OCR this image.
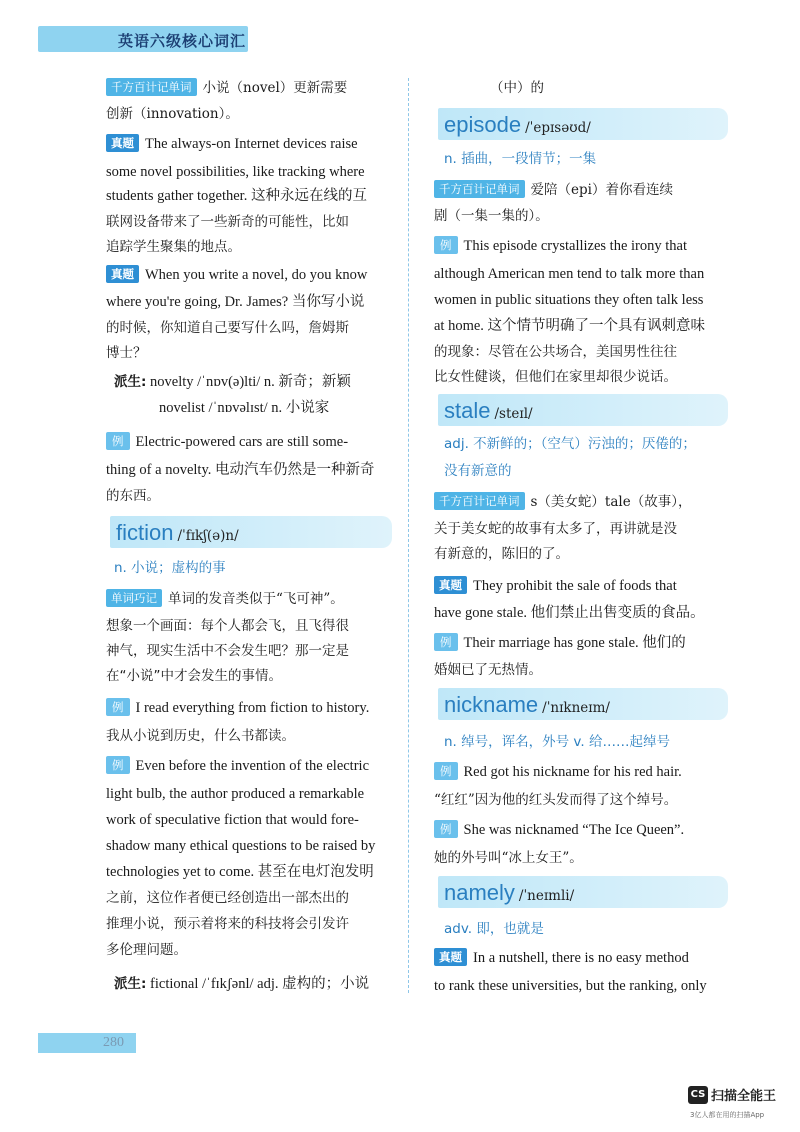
英语六级核心词汇
千方百计记单词 小说（novel）更新需要
创新（innovation）。
真题 The always-on Internet devices raise
some novel possibilities, like tracking where
students gather together. 这种永远在线的互
联网设备带来了一些新奇的可能性，比如
追踪学生聚集的地点。
真题 When you write a novel, do you know
where you're going, Dr. James? 当你写小说
的时候，你知道自己要写什么吗，詹姆斯
博士？
派生: novelty /ˈnɒv(ə)lti/ n. 新奇；新颖
novelist /ˈnɒvəlɪst/ n. 小说家
例 Electric-powered cars are still some-
thing of a novelty. 电动汽车仍然是一种新奇
的东西。
fiction /ˈfɪkʃ(ə)n/
n. 小说；虚构的事
单词巧记 单词的发音类似于“飞可神”。
想象一个画面：每个人都会飞，且飞得很
神气，现实生活中不会发生吧？那一定是
在“小说”中才会发生的事情。
例 I read everything from fiction to history.
我从小说到历史，什么书都读。
例 Even before the invention of the electric
light bulb, the author produced a remarkable
work of speculative fiction that would fore-
shadow many ethical questions to be raised by
technologies yet to come. 甚至在电灯泡发明
之前，这位作者便已经创造出一部杰出的
推理小说，预示着将来的科技将会引发许
多伦理问题。
派生: fictional /ˈfɪkʃənl/ adj. 虚构的；小说
（中）的
episode /ˈepɪsəʊd/
n. 插曲，一段情节；一集
千方百计记单词 爱陪（epi）着你看连续
剧（一集一集的）。
例 This episode crystallizes the irony that
although American men tend to talk more than
women in public situations they often talk less
at home. 这个情节明确了一个具有讽刺意味
的现象：尽管在公共场合，美国男性往往
比女性健谈，但他们在家里却很少说话。
stale /steɪl/
adj. 不新鲜的；（空气）污浊的；厌倦的；
没有新意的
千方百计记单词 s（美女蛇）tale（故事），
关于美女蛇的故事有太多了，再讲就是没
有新意的，陈旧的了。
真题 They prohibit the sale of foods that
have gone stale. 他们禁止出售变质的食品。
例 Their marriage has gone stale. 他们的
婚姻已了无热情。
nickname /ˈnɪkneɪm/
n. 绰号，诨名，外号 v. 给……起绰号
例 Red got his nickname for his red hair.
“红红”因为他的红头发而得了这个绰号。
例 She was nicknamed “The Ice Queen”.
她的外号叫“冰上女王”。
namely /ˈneɪmli/
adv. 即，也就是
真题 In a nutshell, there is no easy method
to rank these universities, but the ranking, only
280
CS 扫描全能王
3亿人都在用的扫描App
